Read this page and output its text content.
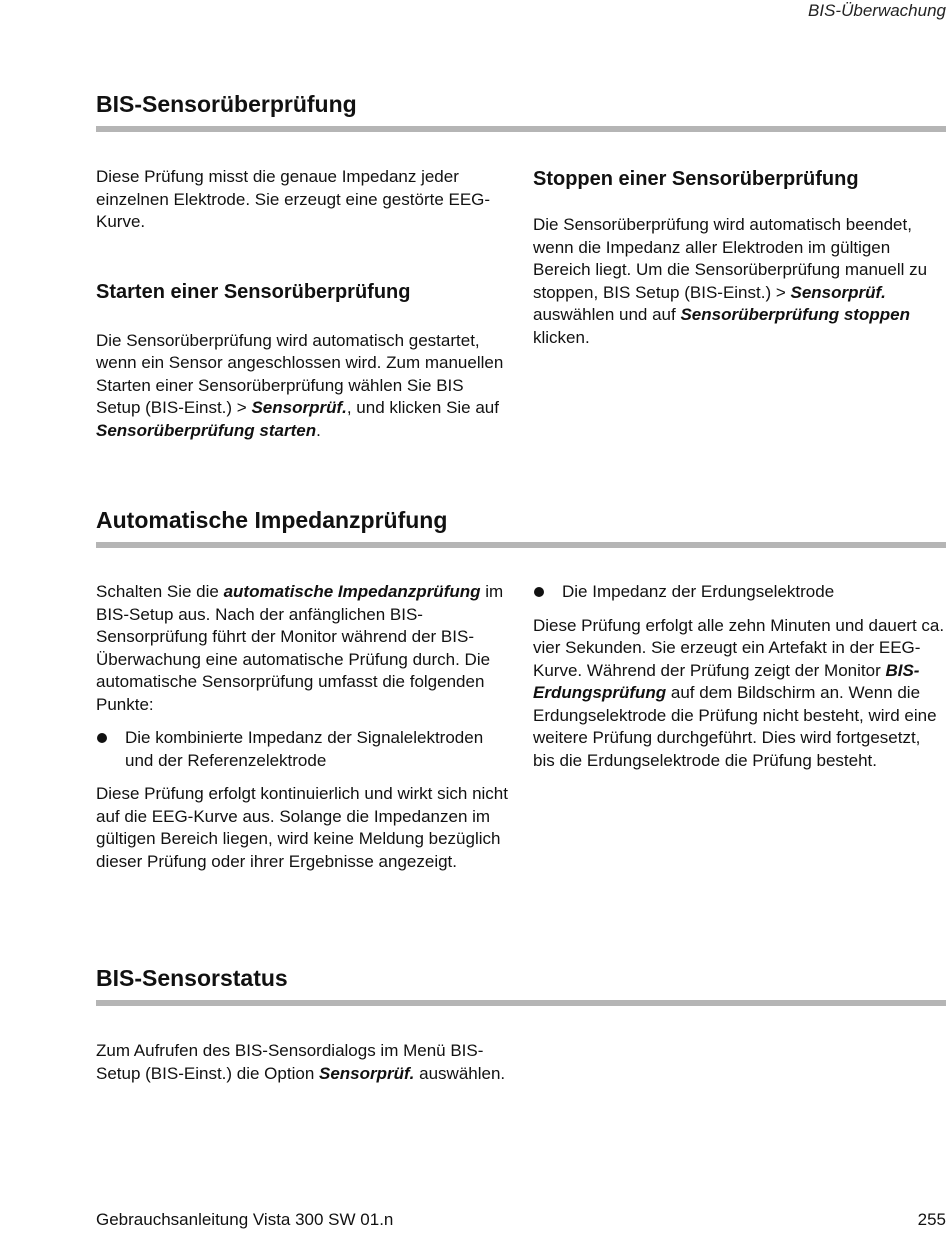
BIS-Überwachung
BIS-Sensorüberprüfung

Diese Prüfung misst die genaue Impedanz jeder einzelnen Elektrode. Sie erzeugt eine gestörte EEG-Kurve.

Starten einer Sensorüberprüfung

Die Sensorüberprüfung wird automatisch gestartet, wenn ein Sensor angeschlossen wird. Zum manuellen Starten einer Sensorüberprüfung wählen Sie BIS Setup (BIS-Einst.) > Sensorprüf., und klicken Sie auf Sensorüberprüfung starten.

Stoppen einer Sensorüberprüfung

Die Sensorüberprüfung wird automatisch beendet, wenn die Impedanz aller Elektroden im gültigen Bereich liegt. Um die Sensorüberprüfung manuell zu stoppen, BIS Setup (BIS-Einst.) > Sensorprüf. auswählen und auf Sensorüberprüfung stoppen klicken.

Automatische Impedanzprüfung

Schalten Sie die automatische Impedanzprüfung im BIS-Setup aus. Nach der anfänglichen BIS-Sensorprüfung führt der Monitor während der BIS-Überwachung eine automatische Prüfung durch. Die automatische Sensorprüfung umfasst die folgenden Punkte:

Die kombinierte Impedanz der Signalelektroden und der Referenzelektrode

Diese Prüfung erfolgt kontinuierlich und wirkt sich nicht auf die EEG-Kurve aus. Solange die Impedanzen im gültigen Bereich liegen, wird keine Meldung bezüglich dieser Prüfung oder ihrer Ergebnisse angezeigt.

Die Impedanz der Erdungselektrode

Diese Prüfung erfolgt alle zehn Minuten und dauert ca. vier Sekunden. Sie erzeugt ein Artefakt in der EEG-Kurve. Während der Prüfung zeigt der Monitor BIS-Erdungsprüfung auf dem Bildschirm an. Wenn die Erdungselektrode die Prüfung nicht besteht, wird eine weitere Prüfung durchgeführt. Dies wird fortgesetzt, bis die Erdungselektrode die Prüfung besteht.

BIS-Sensorstatus

Zum Aufrufen des BIS-Sensordialogs im Menü BIS-Setup (BIS-Einst.) die Option Sensorprüf. auswählen.

Gebrauchsanleitung Vista 300 SW 01.n	255
